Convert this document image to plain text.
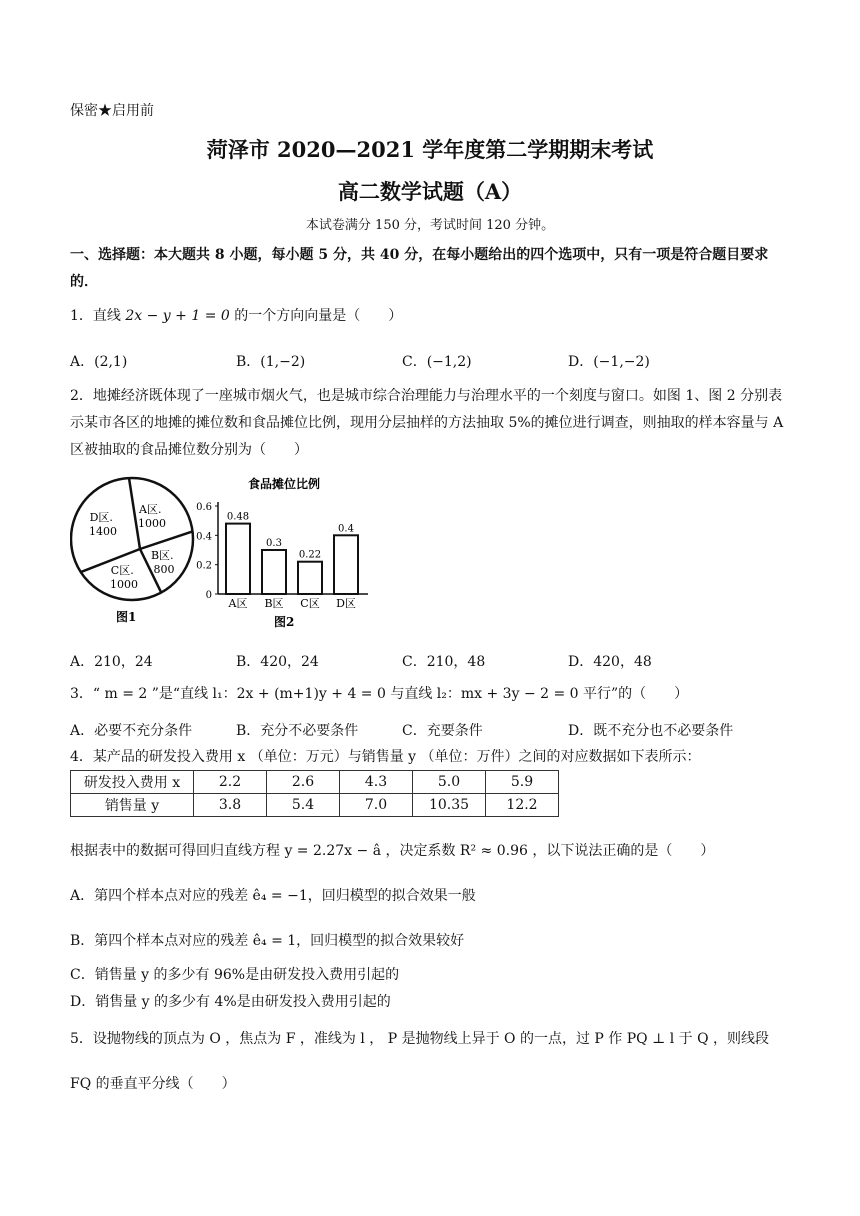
保密★启用前
菏泽市 2020—2021 学年度第二学期期末考试
高二数学试题（A）
本试卷满分 150 分，考试时间 120 分钟。
一、选择题：本大题共 8 小题，每小题 5 分，共 40 分，在每小题给出的四个选项中，只有一项是符合题目要求的．
1．直线 2x − y + 1 = 0 的一个方向向量是（　　）
A．(2,1)	B．(1,−2)	C．(−1,2)	D．(−1,−2)
2．地摊经济既体现了一座城市烟火气，也是城市综合治理能力与治理水平的一个刻度与窗口。如图 1、图 2 分别表示某市各区的地摊的摊位数和食品摊位比例，现用分层抽样的方法抽取 5%的摊位进行调查，则抽取的样本容量与 A 区被抽取的食品摊位数分别为（　　）
A区. 1000
B区. 800
C区. 1000
D区. 1400
图1
食品摊位比例
0
0.2
0.4
0.6
0.48
A区
0.3
B区
0.22
C区
0.4
D区
图2
A．210，24	B．420，24	C．210，48	D．420，48
3．“ m = 2 ”是“直线 l₁：2x + (m+1)y + 4 = 0 与直线 l₂：mx + 3y − 2 = 0 平行”的（　　）
A．必要不充分条件	B．充分不必要条件	C．充要条件	D．既不充分也不必要条件
4．某产品的研发投入费用 x （单位：万元）与销售量 y （单位：万件）之间的对应数据如下表所示：
研发投入费用 x	2.2	2.6	4.3	5.0	5.9
销售量 y	3.8	5.4	7.0	10.35	12.2
根据表中的数据可得回归直线方程 y = 2.27x − â ，决定系数 R² ≈ 0.96 ，以下说法正确的是（　　）
A．第四个样本点对应的残差 ê₄ = −1，回归模型的拟合效果一般
B．第四个样本点对应的残差 ê₄ = 1，回归模型的拟合效果较好
C．销售量 y 的多少有 96%是由研发投入费用引起的
D．销售量 y 的多少有 4%是由研发投入费用引起的
5．设抛物线的顶点为 O ，焦点为 F ，准线为 l ， P 是抛物线上异于 O 的一点，过 P 作 PQ ⊥ l 于 Q ，则线段
FQ 的垂直平分线（　　）
